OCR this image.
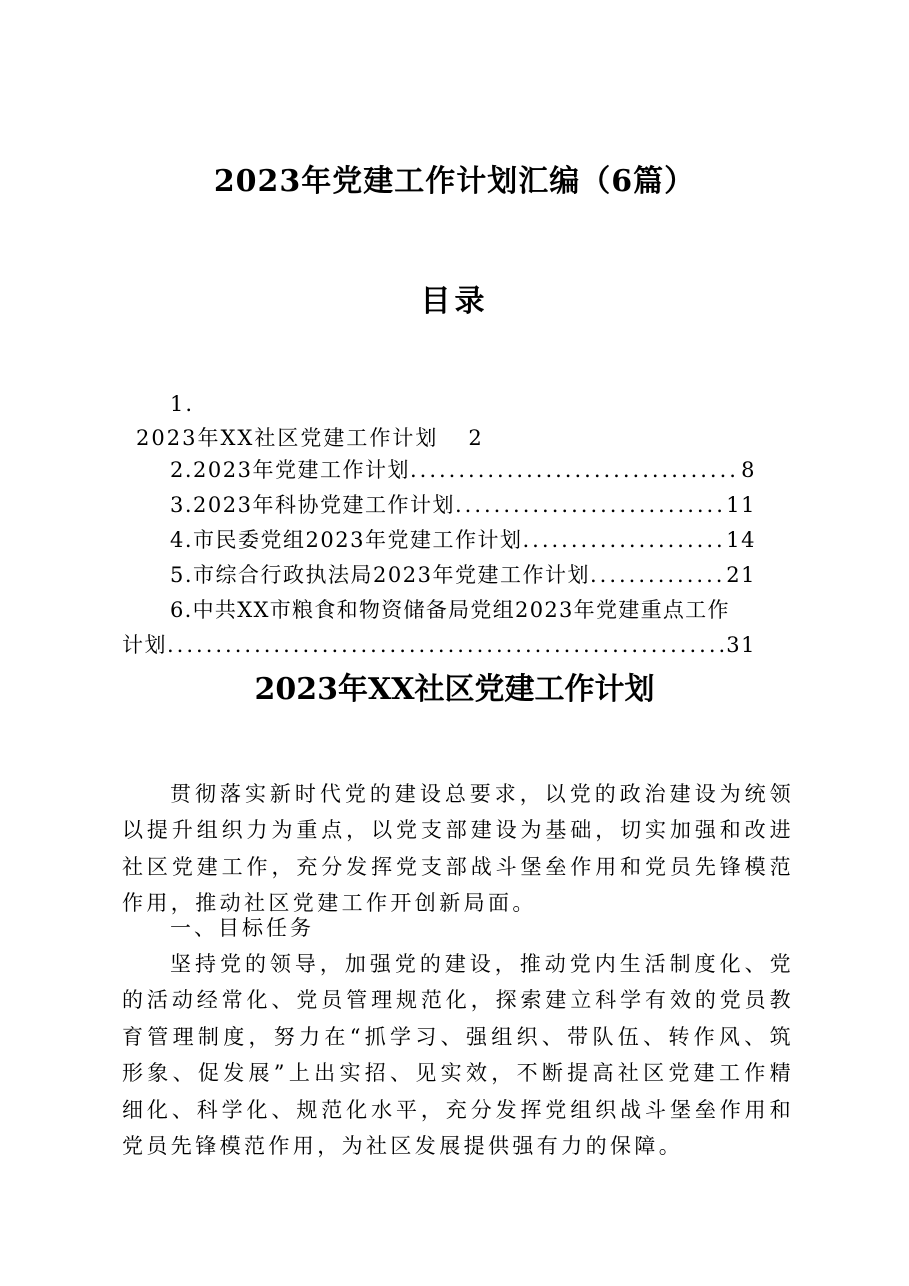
2023年党建工作计划汇编（6篇）
目录
1.
2023年XX社区党建工作计划 2
2.2023年党建工作计划 .....	8
3.2023年科协党建工作计划 .....	11
4.市民委党组2023年党建工作计划 .....	14
5.市综合行政执法局2023年党建工作计划 .....	21
6.中共XX市粮食和物资储备局党组2023年党建重点工作
计划 .....	31
2023年XX社区党建工作计划

贯彻落实新时代党的建设总要求，以党的政治建设为统领以提升组织力为重点，以党支部建设为基础，切实加强和改进社区党建工作，充分发挥党支部战斗堡垒作用和党员先锋模范作用，推动社区党建工作开创新局面。

一、目标任务

坚持党的领导，加强党的建设，推动党内生活制度化、党的活动经常化、党员管理规范化，探索建立科学有效的党员教育管理制度，努力在“抓学习、强组织、带队伍、转作风、筑形象、促发展”上出实招、见实效，不断提高社区党建工作精细化、科学化、规范化水平，充分发挥党组织战斗堡垒作用和党员先锋模范作用，为社区发展提供强有力的保障。
